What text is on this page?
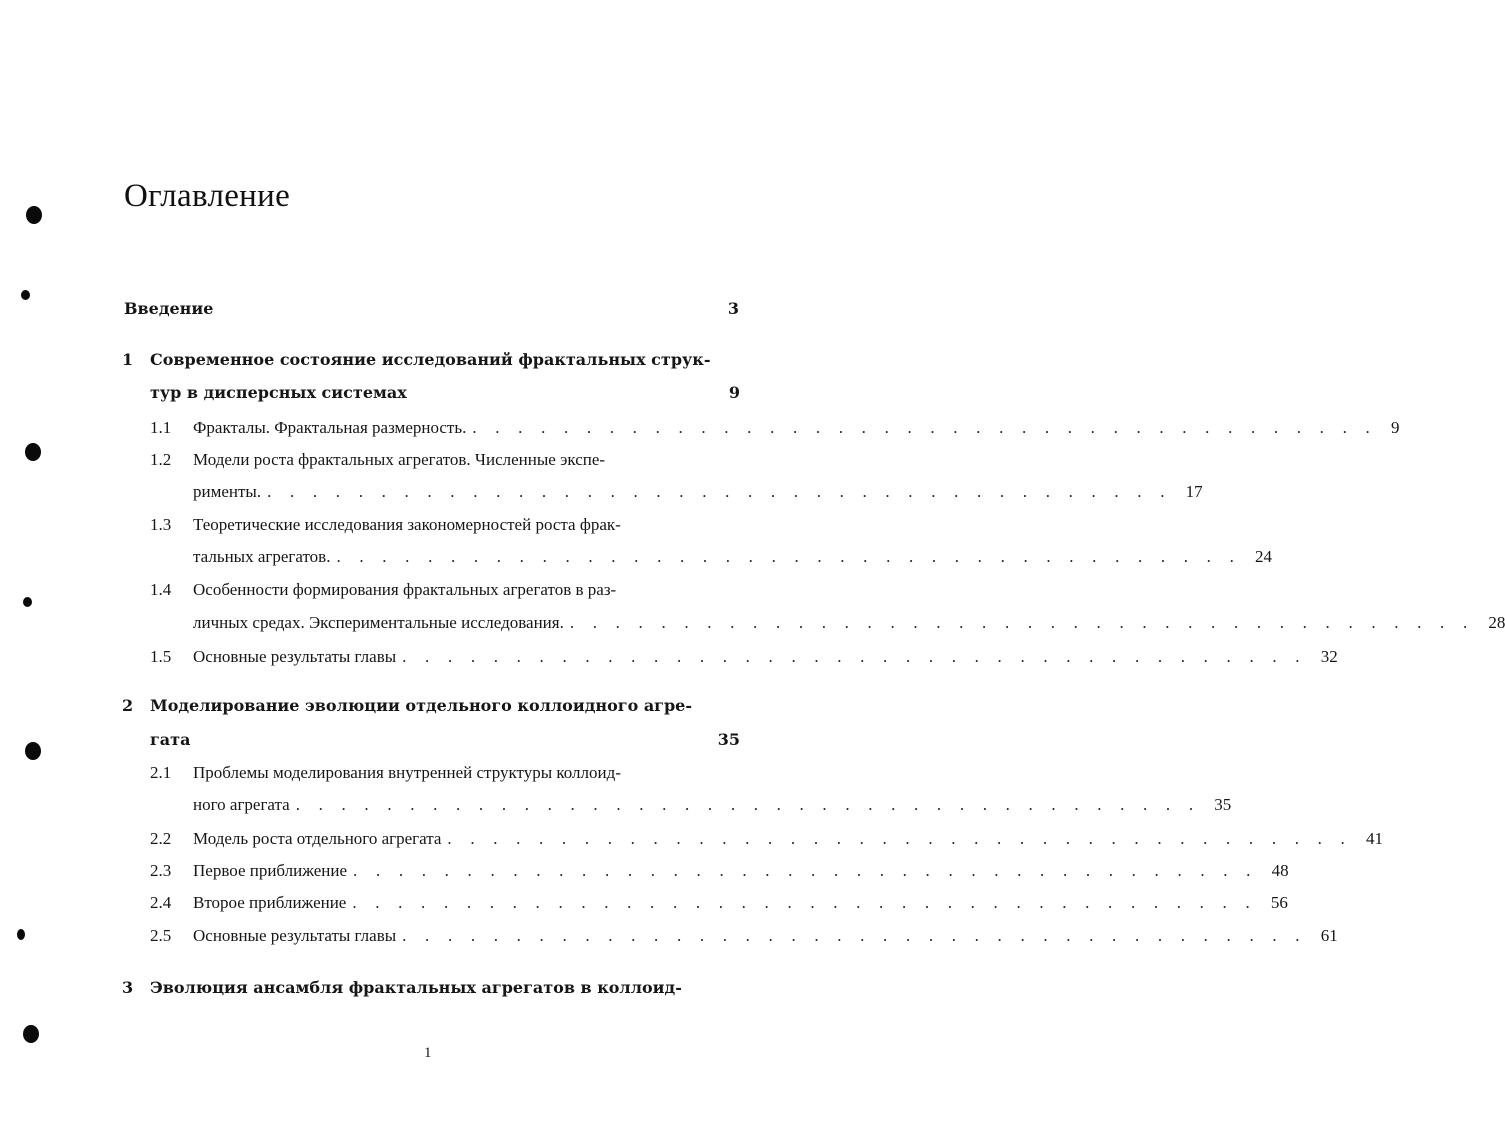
Оглавление
Введение	3
1 Современное состояние исследований фрактальных струк-
тур в дисперсных системах	9
1.1 Фракталы. Фрактальная размерность. . . . . . . . . . . . . . . . . . . . . . . . . . . . . . . . . . . . . . . . . 9
1.2 Модели роста фрактальных агрегатов. Численные экспе-
рименты. . . . . . . . . . . . . . . . . . . . . . . . . . . . . . . . . . . . . . . . . 17
1.3 Теоретические исследования закономерностей роста фрак-
тальных агрегатов. . . . . . . . . . . . . . . . . . . . . . . . . . . . . . . . . . . . . . . . . 24
1.4 Особенности формирования фрактальных агрегатов в раз-
личных средах. Экспериментальные исследования. . . . . . . . . . . . . . . . . . . . . . . . . . . . . . . . . . . . . . . . . 28
1.5 Основные результаты главы . . . . . . . . . . . . . . . . . . . . . . . . . . . . . . . . . . . . . . . . 32
2 Моделирование эволюции отдельного коллоидного агре-
гата	35
2.1 Проблемы моделирования внутренней структуры коллоид-
ного агрегата . . . . . . . . . . . . . . . . . . . . . . . . . . . . . . . . . . . . . . . . 35
2.2 Модель роста отдельного агрегата . . . . . . . . . . . . . . . . . . . . . . . . . . . . . . . . . . . . . . . . 41
2.3 Первое приближение . . . . . . . . . . . . . . . . . . . . . . . . . . . . . . . . . . . . . . . . 48
2.4 Второе приближение . . . . . . . . . . . . . . . . . . . . . . . . . . . . . . . . . . . . . . . . 56
2.5 Основные результаты главы . . . . . . . . . . . . . . . . . . . . . . . . . . . . . . . . . . . . . . . . 61
3 Эволюция ансамбля фрактальных агрегатов в коллоид-
1
